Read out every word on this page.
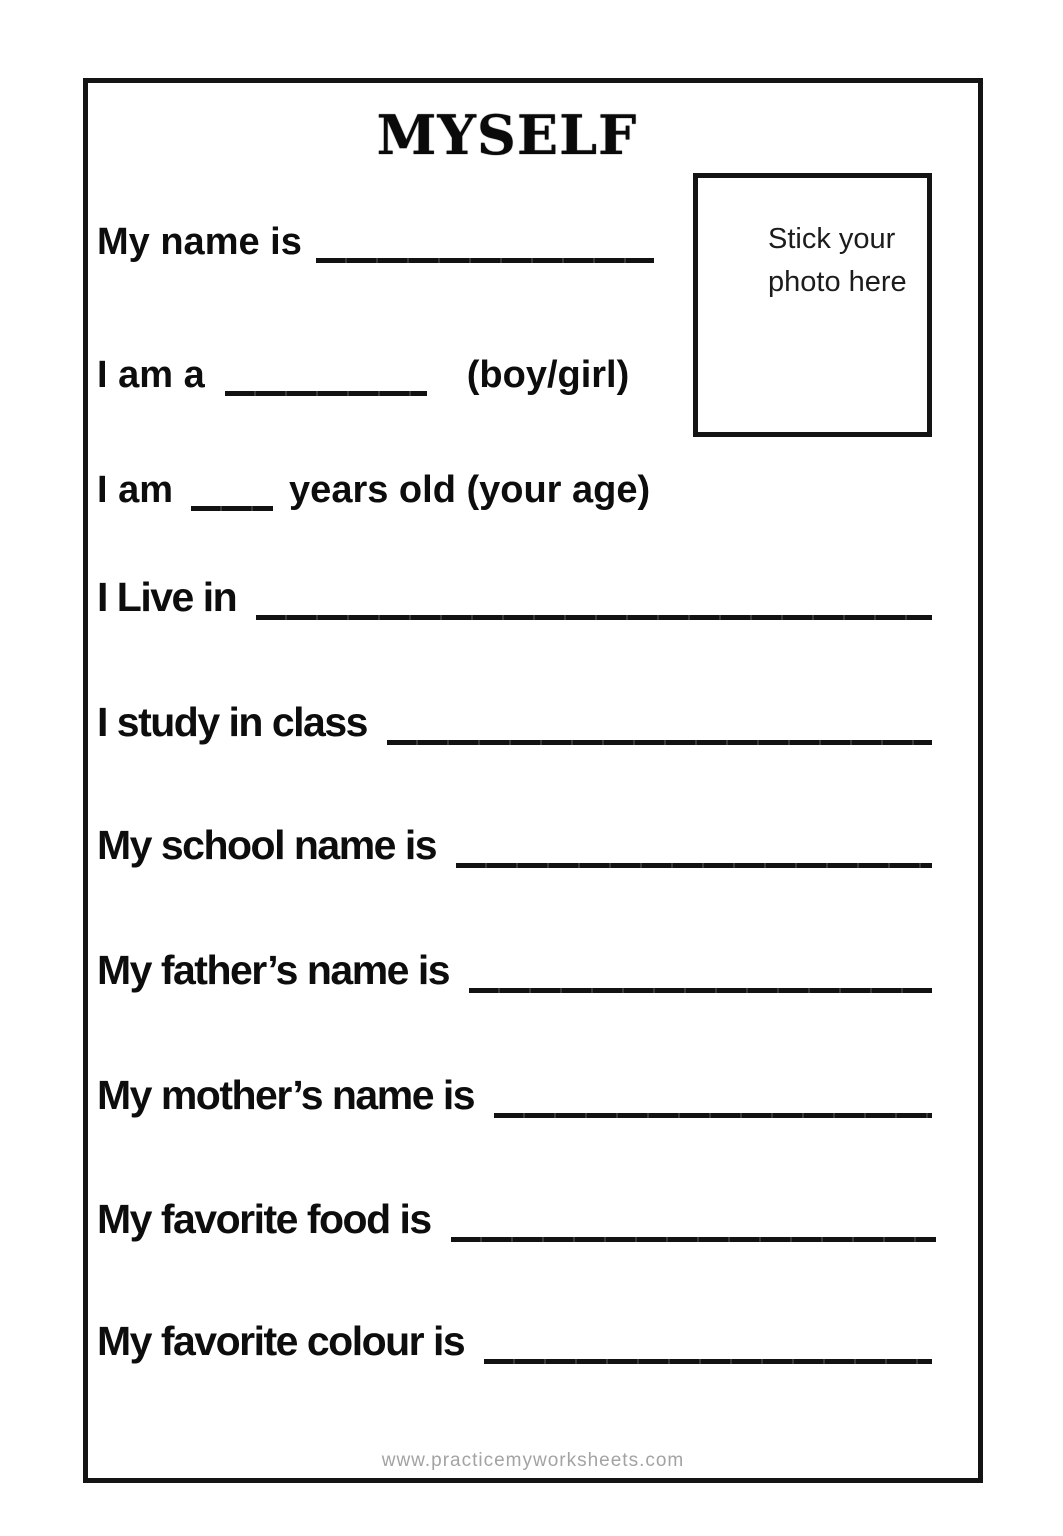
MYSELF
Stick your photo here
My name is
I am a	(boy/girl)
I am	years old (your age)
I Live in
I study in class
My school name is
My father’s name is
My mother’s name is
My favorite food is
My favorite colour is
www.practicemyworksheets.com
